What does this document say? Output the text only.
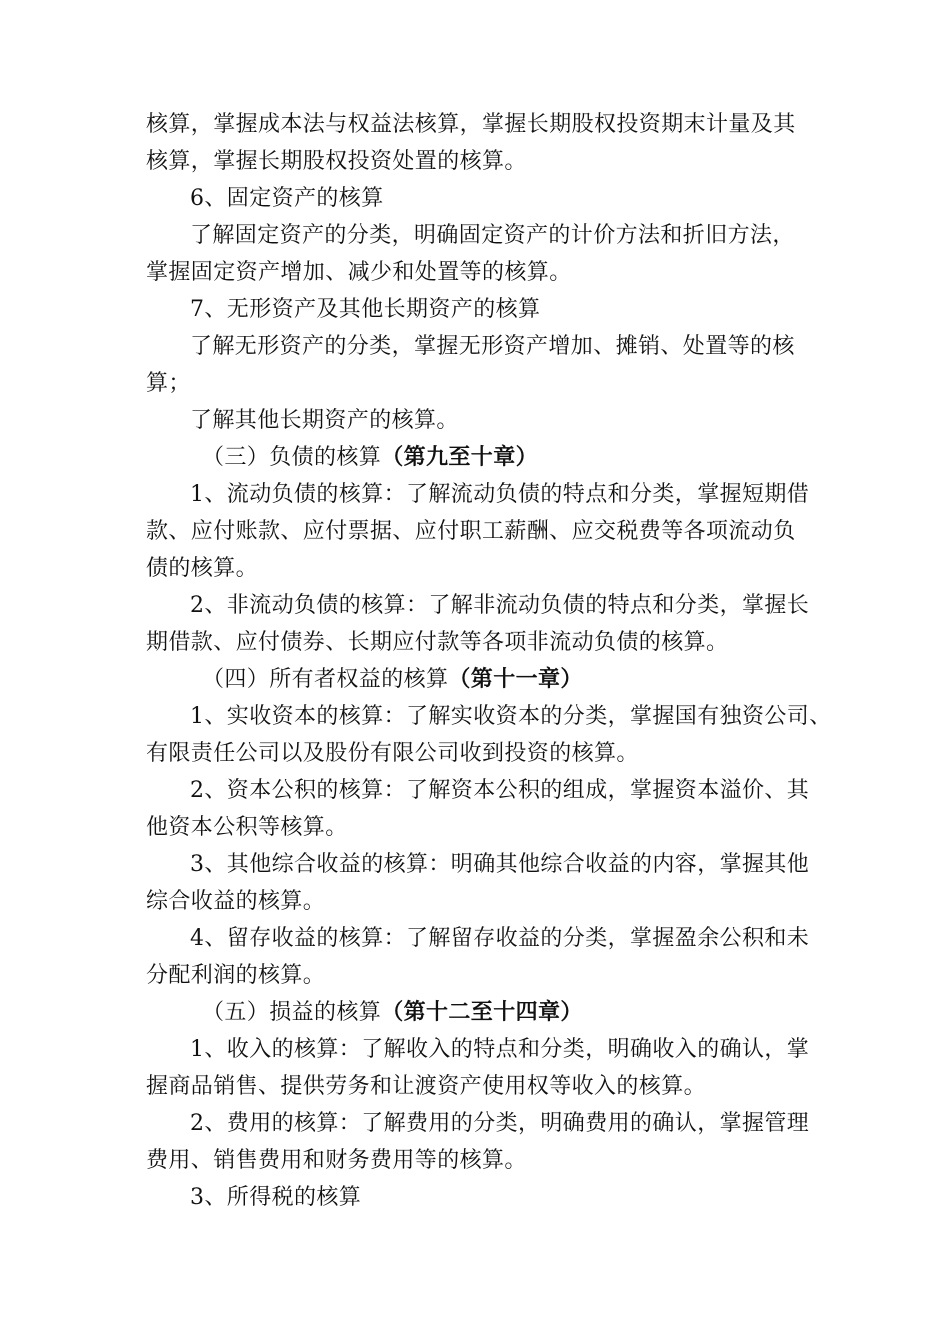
核算，掌握成本法与权益法核算，掌握长期股权投资期末计量及其
核算，掌握长期股权投资处置的核算。
6、固定资产的核算
了解固定资产的分类，明确固定资产的计价方法和折旧方法，
掌握固定资产增加、减少和处置等的核算。
7、无形资产及其他长期资产的核算
了解无形资产的分类，掌握无形资产增加、摊销、处置等的核
算；
了解其他长期资产的核算。
（三）负债的核算（第九至十章）
1、流动负债的核算：了解流动负债的特点和分类，掌握短期借
款、应付账款、应付票据、应付职工薪酬、应交税费等各项流动负
债的核算。
2、非流动负债的核算：了解非流动负债的特点和分类，掌握长
期借款、应付债券、长期应付款等各项非流动负债的核算。
（四）所有者权益的核算（第十一章）
1、实收资本的核算：了解实收资本的分类，掌握国有独资公司、
有限责任公司以及股份有限公司收到投资的核算。
2、资本公积的核算：了解资本公积的组成，掌握资本溢价、其
他资本公积等核算。
3、其他综合收益的核算：明确其他综合收益的内容，掌握其他
综合收益的核算。
4、留存收益的核算：了解留存收益的分类，掌握盈余公积和未
分配利润的核算。
（五）损益的核算（第十二至十四章）
1、收入的核算：了解收入的特点和分类，明确收入的确认，掌
握商品销售、提供劳务和让渡资产使用权等收入的核算。
2、费用的核算：了解费用的分类，明确费用的确认，掌握管理
费用、销售费用和财务费用等的核算。
3、所得税的核算
